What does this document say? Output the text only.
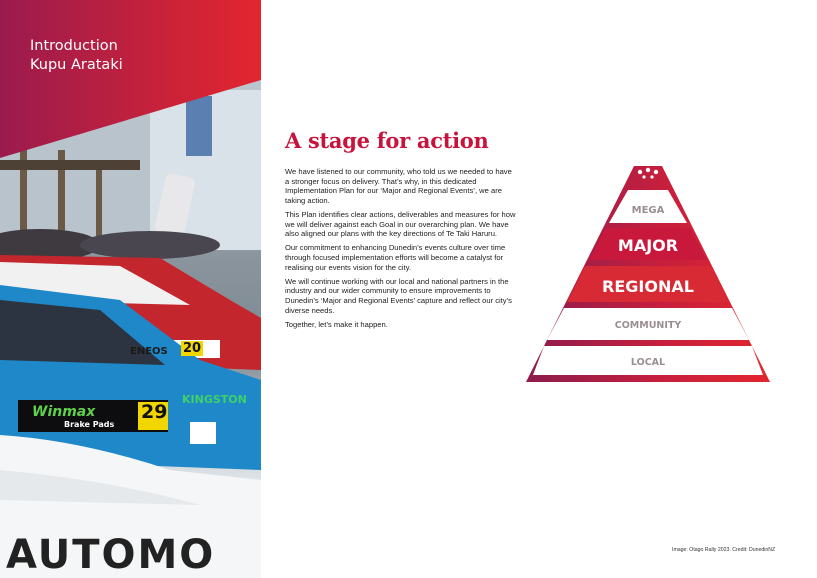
ENEOS 20
Winmax
Brake Pads
29
KINGSTON
AUTOMO
Introduction
Kupu Arataki
A stage for action

We have listened to our community, who told us we needed to have a stronger focus on delivery. That’s why, in this dedicated Implementation Plan for our ‘Major and Regional Events’, we are taking action.

This Plan identifies clear actions, deliverables and measures for how we will deliver against each Goal in our overarching plan. We have also aligned our plans with the key directions of Te Taki Haruru.

Our commitment to enhancing Dunedin’s events culture over time through focused implementation efforts will become a catalyst for realising our events vision for the city.

We will continue working with our local and national partners in the industry and our wider community to ensure improvements to Dunedin’s ‘Major and Regional Events’ capture and reflect our city’s diverse needs.

Together, let’s make it happen.

MEGA
MAJOR
REGIONAL
COMMUNITY
LOCAL
Image: Otago Rally 2023. Credit: DunedinNZ
